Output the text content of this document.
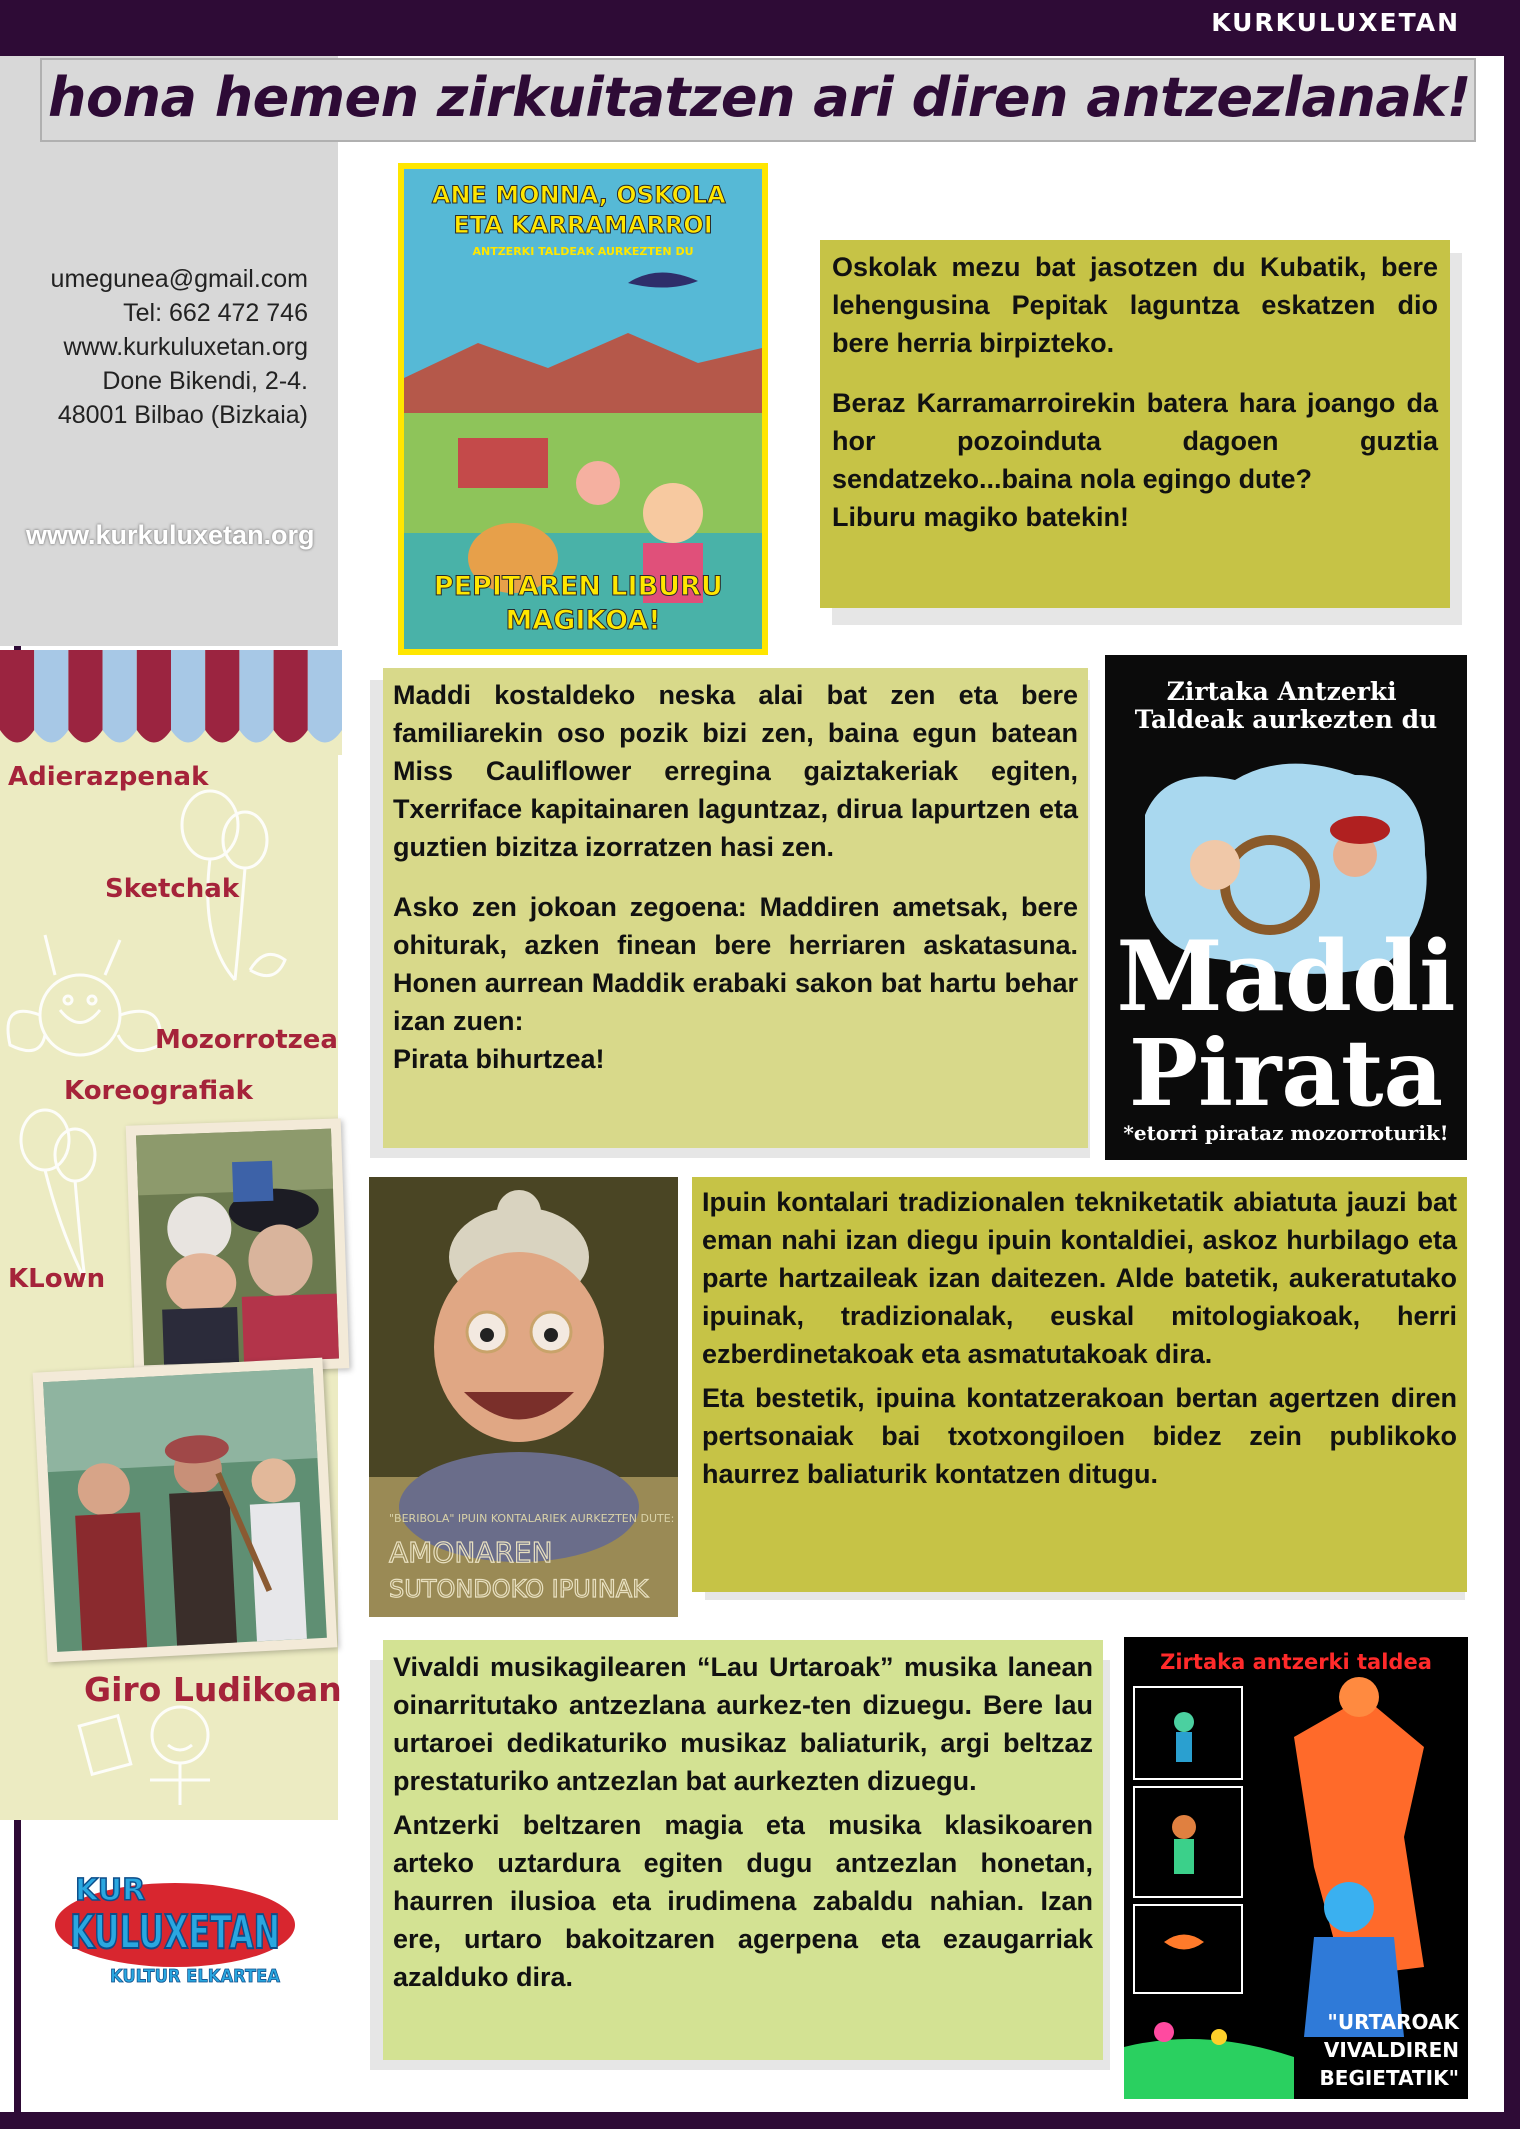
KURKULUXETAN
hona hemen zirkuitatzen ari diren antzezlanak!
umegunea@gmail.com
Tel: 662 472 746
www.kurkuluxetan.org
Done Bikendi, 2-4.
48001 Bilbao (Bizkaia)
www.kurkuluxetan.org
Adierazpenak
Sketchak
Mozorrotzea
Koreografiak
KLown
Giro Ludikoan
KUR
KULUXETAN
KULTUR ELKARTEA
ANE MONNA, OSKOLA ETA KARRAMARROI
ANTZERKI TALDEAK AURKEZTEN DU
PEPITAREN LIBURU MAGIKOA!

Oskolak mezu bat jasotzen du Kubatik, bere lehengusina Pepitak laguntza eskatzen dio bere herria birpizteko.

Beraz Karramarroirekin batera hara joango da hor pozoinduta dagoen guztia sendatzeko...baina nola egingo dute?

Liburu magiko batekin!

Maddi kostaldeko neska alai bat zen eta bere familiarekin oso pozik bizi zen, baina egun batean Miss Cauliflower erregina gaiztakeriak egiten, Txerriface kapitainaren laguntzaz, dirua lapurtzen eta guztien bizitza izorratzen hasi zen.

Asko zen jokoan zegoena: Maddiren ametsak, bere ohiturak, azken finean bere herriaren askatasuna. Honen aurrean Maddik erabaki sakon bat hartu behar izan zuen:

Pirata bihurtzea!

Zirtaka Antzerki Taldeak aurkezten du
Maddi
Pirata
*etorri pirataz mozorroturik!
"BERIBOLA" IPUIN KONTALARIEK AURKEZTEN DUTE:
AMONAREN
SUTONDOKO IPUINAK

Ipuin kontalari tradizionalen tekniketatik abiatuta jauzi bat eman nahi izan diegu ipuin kontaldiei, askoz hurbilago eta parte hartzaileak izan daitezen. Alde batetik, aukeratutako ipuinak, tradizionalak, euskal mitologiakoak, herri ezberdinetakoak eta asmatutakoak dira.

Eta bestetik, ipuina kontatzerakoan bertan agertzen diren pertsonaiak bai txotxongiloen bidez zein publikoko haurrez baliaturik kontatzen ditugu.

Vivaldi musikagilearen “Lau Urtaroak” musika lanean oinarritutako antzezlana aurkez-ten dizuegu. Bere lau urtaroei dedikaturiko musikaz baliaturik, argi beltzaz prestaturiko antzezlan bat aurkezten dizuegu.

Antzerki beltzaren magia eta musika klasikoaren arteko uztardura egiten dugu antzezlan honetan, haurren ilusioa eta irudimena zabaldu nahian. Izan ere, urtaro bakoitzaren agerpena eta ezaugarriak azalduko dira.

Zirtaka antzerki taldea
"URTAROAK
VIVALDIREN
BEGIETATIK"
